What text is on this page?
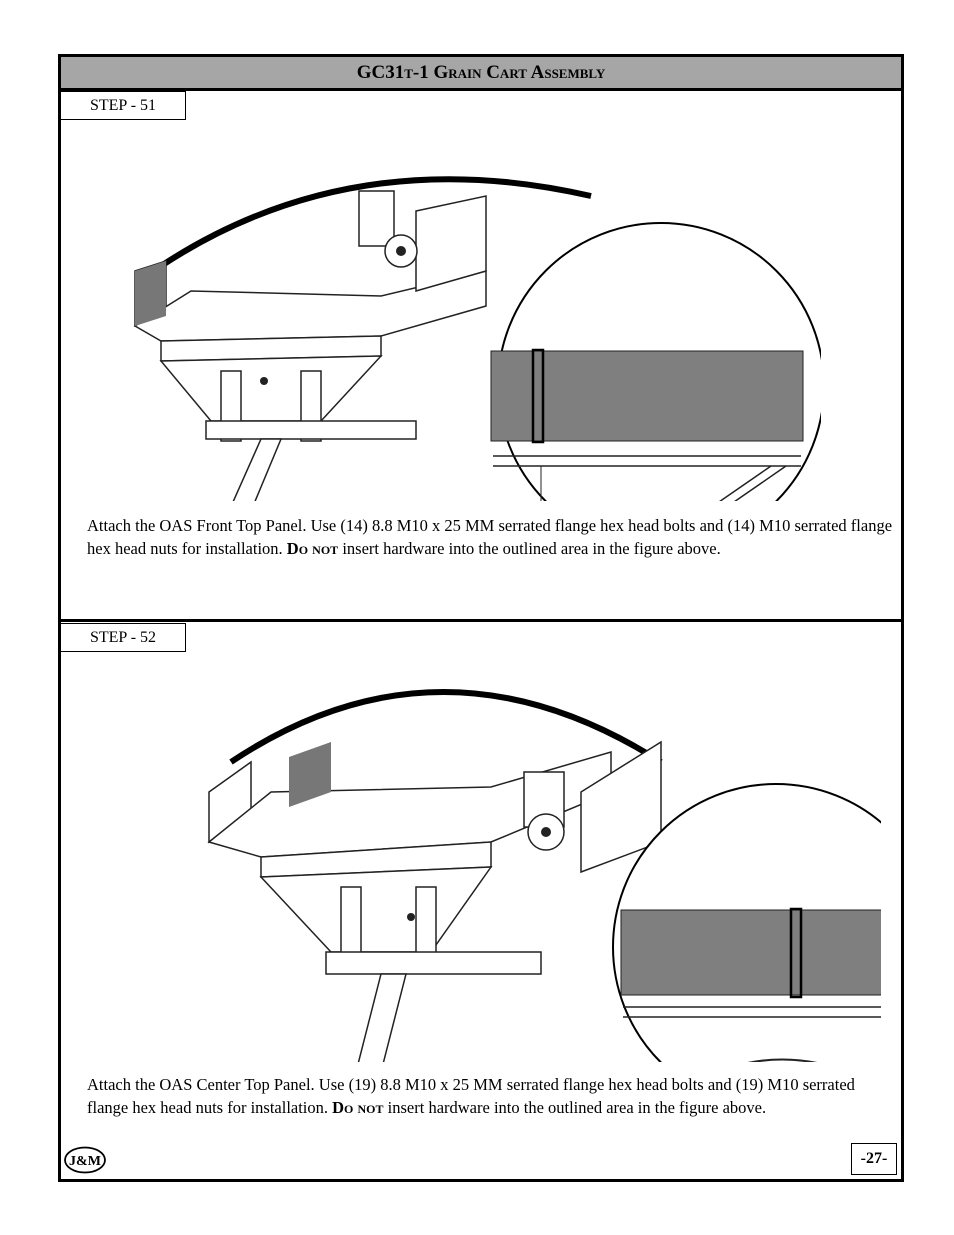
GC31t-1 Grain Cart Assembly
STEP - 51
Attach the OAS Front Top Panel. Use (14) 8.8 M10 x 25 MM serrated flange hex head bolts and (14) M10 serrated flange hex head nuts for installation. Do not insert hardware into the outlined area in the figure above.
STEP - 52
Attach the OAS Center Top Panel. Use (19) 8.8 M10 x 25 MM serrated flange hex head bolts and (19) M10 serrated flange hex head nuts for installation. Do not insert hardware into the outlined area in the figure above.
J&M	-27-
